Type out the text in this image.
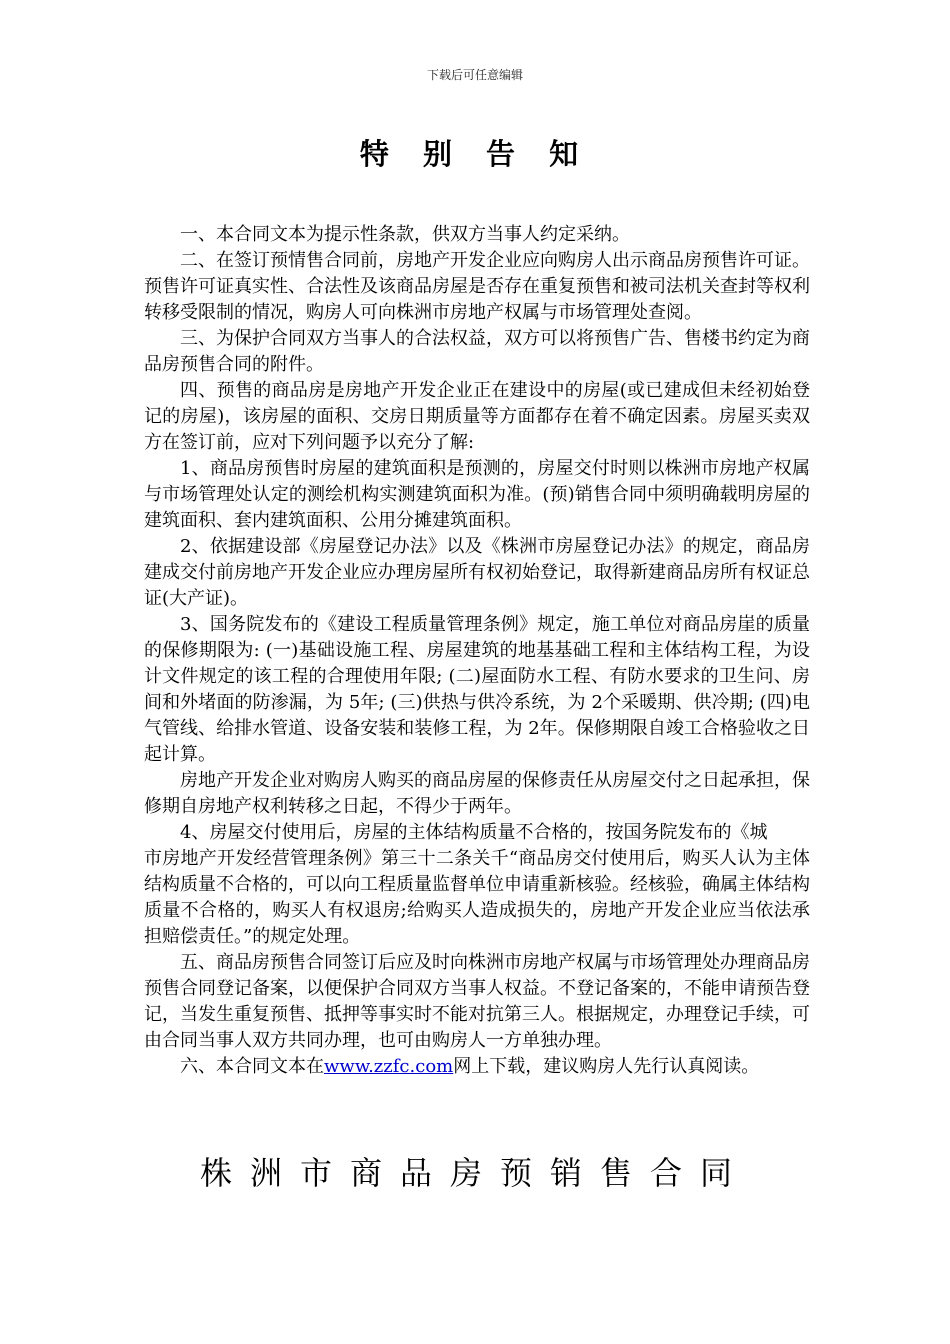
下载后可任意编辑
特 别 告 知

一、本合同文本为提示性条款，供双方当事人约定采纳。

二、在签订预情售合同前，房地产开发企业应向购房人出示商品房预售许可证。预售许可证真实性、合法性及该商品房屋是否存在重复预售和被司法机关查封等权利转移受限制的情况，购房人可向株洲市房地产权属与市场管理处查阅。

三、为保护合同双方当事人的合法权益，双方可以将预售广告、售楼书约定为商品房预售合同的附件。

四、预售的商品房是房地产开发企业正在建设中的房屋(或已建成但未经初始登记的房屋)，该房屋的面积、交房日期质量等方面都存在着不确定因素。房屋买卖双方在签订前，应对下列问题予以充分了解:

1、商品房预售时房屋的建筑面积是预测的，房屋交付时则以株洲市房地产权属与市场管理处认定的测绘机构实测建筑面积为准。(预)销售合同中须明确载明房屋的建筑面积、套内建筑面积、公用分摊建筑面积。

2、依据建设部《房屋登记办法》以及《株洲市房屋登记办法》的规定，商品房建成交付前房地产开发企业应办理房屋所有权初始登记，取得新建商品房所有权证总证(大产证)。

3、国务院发布的《建设工程质量管理条例》规定，施工单位对商品房崖的质量的保修期限为: (一)基础设施工程、房屋建筑的地基基础工程和主体结构工程，为设计文件规定的该工程的合理使用年限; (二)屋面防水工程、有防水要求的卫生问、房间和外堵面的防渗漏，为 5年; (三)供热与供冷系统，为 2个采暖期、供冷期; (四)电气管线、给排水管道、设备安装和装修工程，为 2年。保修期限自竣工合格验收之日起计算。

房地产开发企业对购房人购买的商品房屋的保修责任从房屋交付之日起承担，保修期自房地产权利转移之日起，不得少于两年。

4、房屋交付使用后，房屋的主体结构质量不合格的，按国务院发布的《城

市房地产开发经营管理条例》第三十二条关千“商品房交付使用后，购买人认为主体结构质量不合格的，可以向工程质量监督单位申请重新核验。经核验，确属主体结构质量不合格的，购买人有权退房;给购买人造成损失的，房地产开发企业应当依法承担赔偿责任。”的规定处理。

五、商品房预售合同签订后应及时向株洲市房地产权属与市场管理处办理商品房预售合同登记备案，以便保护合同双方当事人权益。不登记备案的，不能申请预告登记，当发生重复预售、抵押等事实时不能对抗第三人。根据规定，办理登记手续，可由合同当事人双方共同办理，也可由购房人一方单独办理。

六、本合同文本在www.zzfc.com网上下载，建议购房人先行认真阅读。

株洲市商品房预销售合同
